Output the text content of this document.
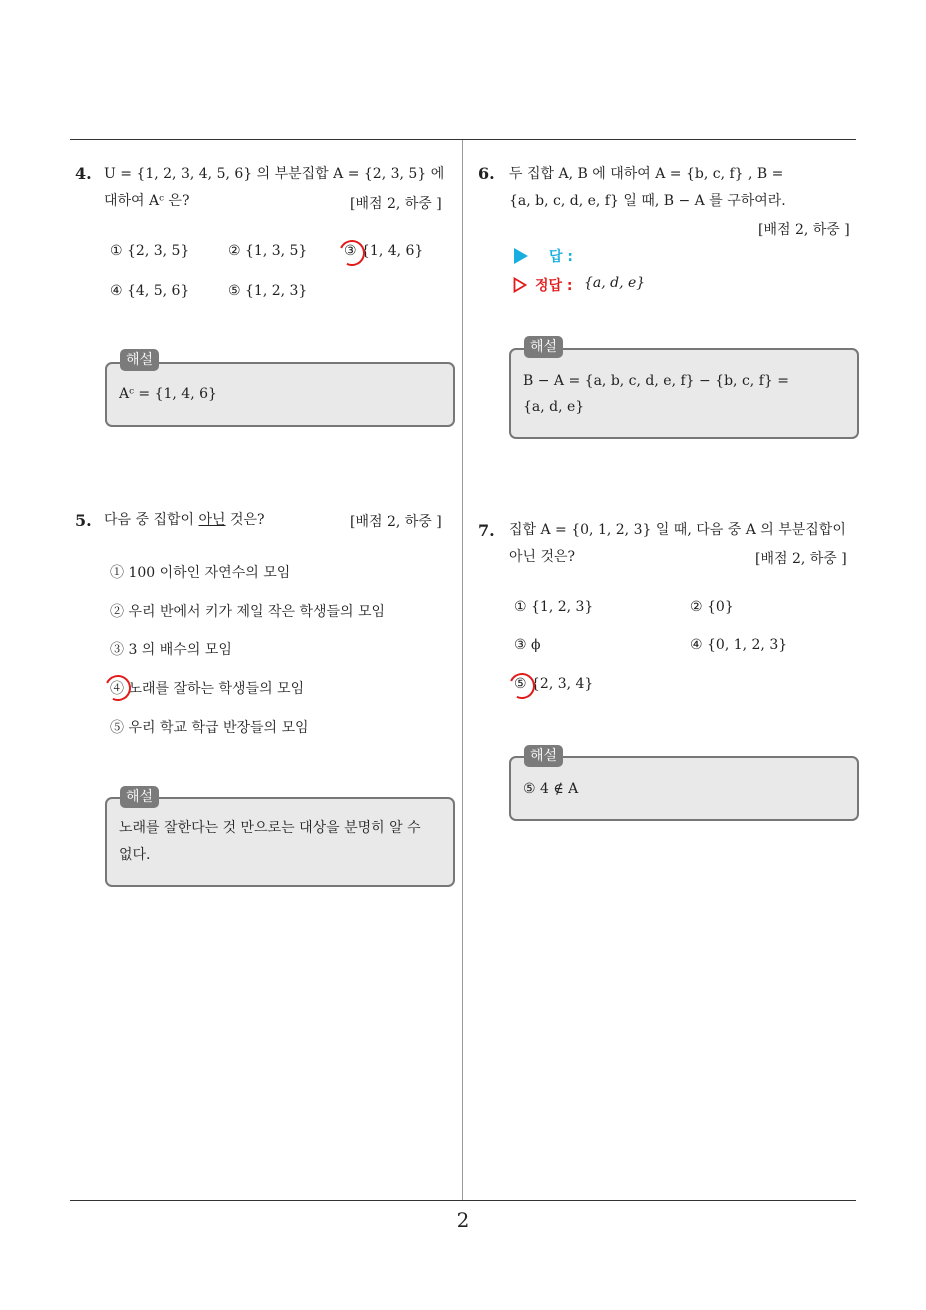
4. U = {1, 2, 3, 4, 5, 6} 의 부분집합 A = {2, 3, 5} 에
대하여 Aᶜ 은?	[배점 2, 하중 ]
① {2, 3, 5}	② {1, 3, 5}	③ {1, 4, 6}
④ {4, 5, 6}	⑤ {1, 2, 3}
Aᶜ = {1, 4, 6}
해설
5. 다음 중 집합이 아닌 것은?	[배점 2, 하중 ]
① 100 이하인 자연수의 모임
② 우리 반에서 키가 제일 작은 학생들의 모임
③ 3 의 배수의 모임
④ 노래를 잘하는 학생들의 모임
⑤ 우리 학교 학급 반장들의 모임
노래를 잘한다는 것 만으로는 대상을 분명히 알 수
없다.
해설
6. 두 집합 A, B 에 대하여 A = {b, c, f} , B =
{a, b, c, d, e, f} 일 때, B − A 를 구하여라.
[배점 2, 하중 ]
답 :
정답 : {a, d, e}
B − A = {a, b, c, d, e, f} − {b, c, f} =
{a, d, e}
해설
7. 집합 A = {0, 1, 2, 3} 일 때, 다음 중 A 의 부분집합이
아닌 것은?	[배점 2, 하중 ]
① {1, 2, 3}	② {0}
③ ϕ	④ {0, 1, 2, 3}
⑤ {2, 3, 4}
⑤ 4 ∉ A
해설
2
